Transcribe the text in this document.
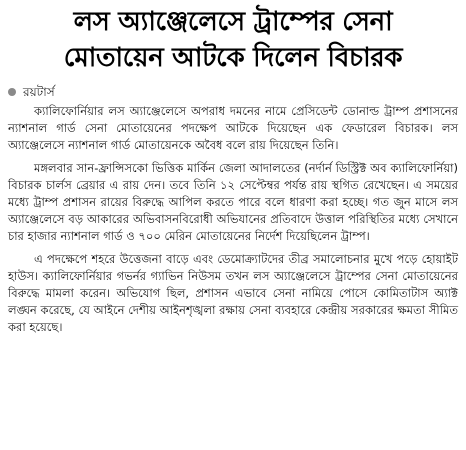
লস অ্যাঞ্জেলেসে ট্রাম্পের সেনা
মোতায়েন আটকে দিলেন বিচারক
রয়টার্স

ক্যালিফোর্নিয়ার লস অ্যাঞ্জেলেসে অপরাধ দমনের নামে প্রেসিডেন্ট ডোনাল্ড ট্রাম্প প্রশাসনের ন্যাশনাল গার্ড সেনা মোতায়েনের পদক্ষেপ আটকে দিয়েছেন এক ফেডারেল বিচারক। লস অ্যাঞ্জেলেসে ন্যাশনাল গার্ড মোতায়েনকে অবৈধ বলে রায় দিয়েছেন তিনি।

মঙ্গলবার সান-ফ্রান্সিসকো ভিত্তিক মার্কিন জেলা আদালতের (নর্দার্ন ডিস্ট্রিক্ট অব ক্যালিফোর্নিয়া) বিচারক চার্লস ব্রেয়ার এ রায় দেন। তবে তিনি ১২ সেপ্টেম্বর পর্যন্ত রায় স্থগিত রেখেছেন। এ সময়ের মধ্যে ট্রাম্প প্রশাসন রায়ের বিরুদ্ধে আপিল করতে পারে বলে ধারণা করা হচ্ছে। গত জুন মাসে লস অ্যাঞ্জেলেসে বড় আকারের অভিবাসনবিরোধী অভিযানের প্রতিবাদে উত্তাল পরিস্থিতির মধ্যে সেখানে চার হাজার ন্যাশনাল গার্ড ও ৭০০ মেরিন মোতায়েনের নির্দেশ দিয়েছিলেন ট্রাম্প।

এ পদক্ষেপে শহরে উত্তেজনা বাড়ে এবং ডেমোক্র্যাটদের তীব্র সমালোচনার মুখে পড়ে হোয়াইট হাউস। ক্যালিফোর্নিয়ার গভর্নর গ্যাভিন নিউসম তখন লস অ্যাঞ্জেলেসে ট্রাম্পের সেনা মোতায়েনের বিরুদ্ধে মামলা করেন। অভিযোগ ছিল, প্রশাসন এভাবে সেনা নামিয়ে পোসে কোমিতাটাস অ্যাক্ট লঙ্ঘন করেছে, যে আইনে দেশীয় আইনশৃঙ্খলা রক্ষায় সেনা ব্যবহারে কেন্দ্রীয় সরকারের ক্ষমতা সীমিত করা হয়েছে।
